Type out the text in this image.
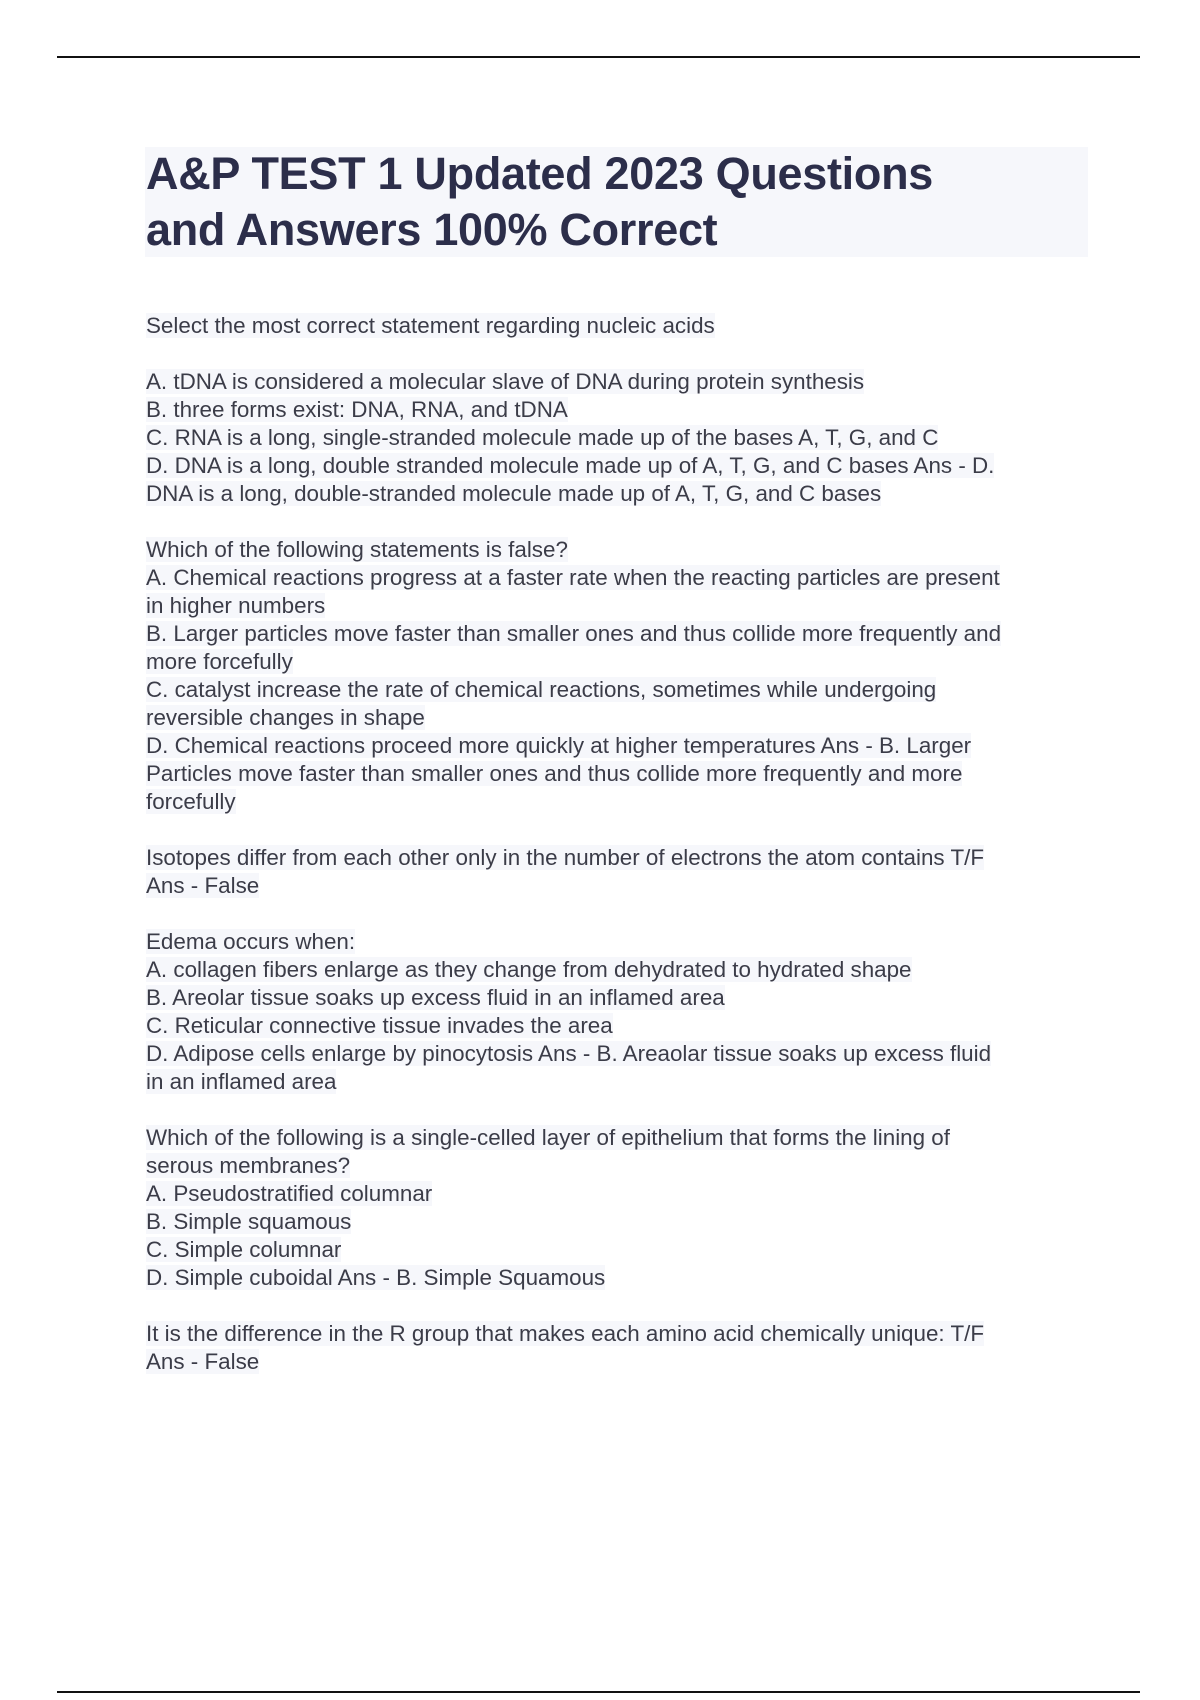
A&P TEST 1 Updated 2023 Questions
and Answers 100% Correct
Select the most correct statement regarding nucleic acids
A. tDNA is considered a molecular slave of DNA during protein synthesis
B. three forms exist: DNA, RNA, and tDNA
C. RNA is a long, single-stranded molecule made up of the bases A, T, G, and C
D. DNA is a long, double stranded molecule made up of A, T, G, and C bases Ans - D.
DNA is a long, double-stranded molecule made up of A, T, G, and C bases
Which of the following statements is false?
A. Chemical reactions progress at a faster rate when the reacting particles are present
in higher numbers
B. Larger particles move faster than smaller ones and thus collide more frequently and
more forcefully
C. catalyst increase the rate of chemical reactions, sometimes while undergoing
reversible changes in shape
D. Chemical reactions proceed more quickly at higher temperatures Ans - B. Larger
Particles move faster than smaller ones and thus collide more frequently and more
forcefully
Isotopes differ from each other only in the number of electrons the atom contains T/F
Ans - False
Edema occurs when:
A. collagen fibers enlarge as they change from dehydrated to hydrated shape
B. Areolar tissue soaks up excess fluid in an inflamed area
C. Reticular connective tissue invades the area
D. Adipose cells enlarge by pinocytosis Ans - B. Areaolar tissue soaks up excess fluid
in an inflamed area
Which of the following is a single-celled layer of epithelium that forms the lining of
serous membranes?
A. Pseudostratified columnar
B. Simple squamous
C. Simple columnar
D. Simple cuboidal Ans - B. Simple Squamous
It is the difference in the R group that makes each amino acid chemically unique: T/F
Ans - False
